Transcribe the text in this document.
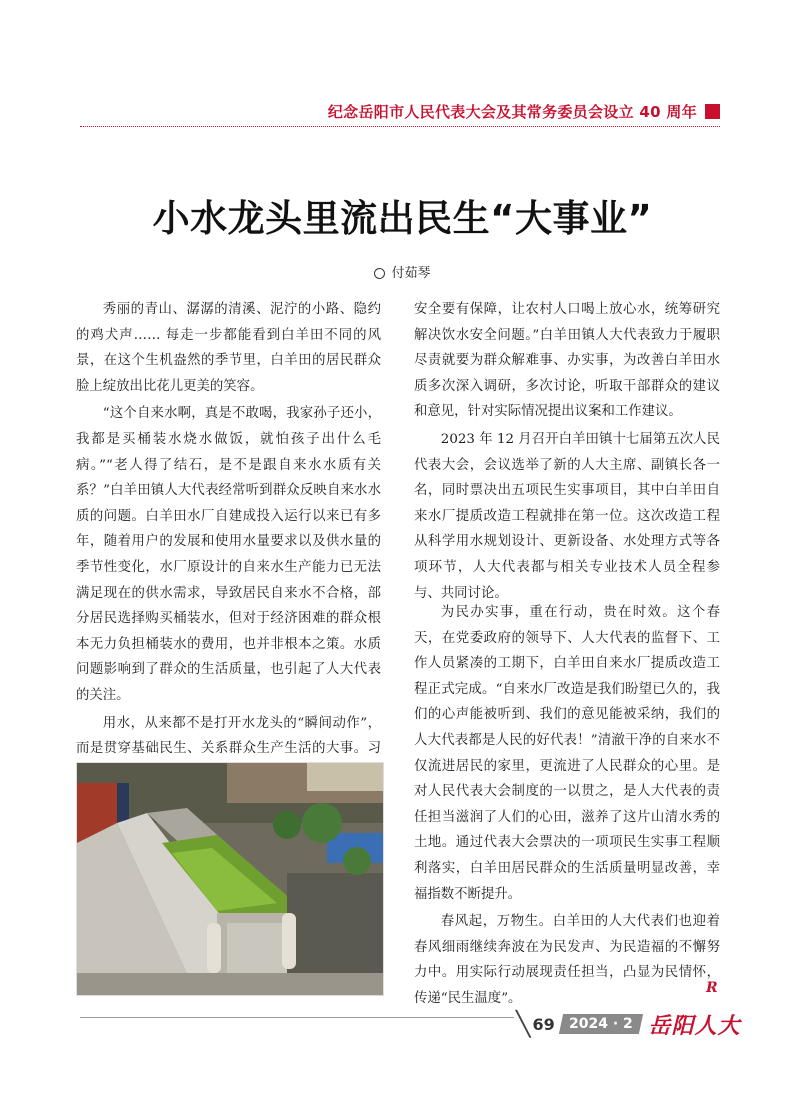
纪念岳阳市人民代表大会及其常务委员会设立 40 周年
小水龙头里流出民生“大事业”
付茹琴

秀丽的青山、潺潺的清溪、泥泞的小路、隐约的鸡犬声…… 每走一步都能看到白羊田不同的风景，在这个生机盎然的季节里，白羊田的居民群众脸上绽放出比花儿更美的笑容。

“这个自来水啊，真是不敢喝，我家孙子还小，我都是买桶装水烧水做饭，就怕孩子出什么毛病。”“老人得了结石，是不是跟自来水水质有关系？”白羊田镇人大代表经常听到群众反映自来水水质的问题。白羊田水厂自建成投入运行以来已有多年，随着用户的发展和使用水量要求以及供水量的季节性变化，水厂原设计的自来水生产能力已无法满足现在的供水需求，导致居民自来水不合格，部分居民选择购买桶装水，但对于经济困难的群众根本无力负担桶装水的费用，也并非根本之策。水质问题影响到了群众的生活质量，也引起了人大代表的关注。

用水，从来都不是打开水龙头的“瞬间动作”，而是贯穿基础民生、关系群众生产生活的大事。习

安全要有保障，让农村人口喝上放心水，统筹研究解决饮水安全问题。”白羊田镇人大代表致力于履职尽责就要为群众解难事、办实事，为改善白羊田水质多次深入调研，多次讨论，听取干部群众的建议和意见，针对实际情况提出议案和工作建议。

2023 年 12 月召开白羊田镇十七届第五次人民代表大会，会议选举了新的人大主席、副镇长各一名，同时票决出五项民生实事项目，其中白羊田自来水厂提质改造工程就排在第一位。这次改造工程从科学用水规划设计、更新设备、水处理方式等各项环节，人大代表都与相关专业技术人员全程参与、共同讨论。

为民办实事，重在行动，贵在时效。这个春天，在党委政府的领导下、人大代表的监督下、工作人员紧凑的工期下，白羊田自来水厂提质改造工程正式完成。“自来水厂改造是我们盼望已久的，我们的心声能被听到、我们的意见能被采纳，我们的人大代表都是人民的好代表！”清澈干净的自来水不仅流进居民的家里，更流进了人民群众的心里。是对人民代表大会制度的一以贯之，是人大代表的责任担当滋润了人们的心田，滋养了这片山清水秀的土地。通过代表大会票决的一项项民生实事工程顺利落实，白羊田居民群众的生活质量明显改善，幸福指数不断提升。

春风起，万物生。白羊田的人大代表们也迎着春风细雨继续奔波在为民发声、为民造福的不懈努力中。用实际行动展现责任担当，凸显为民情怀，传递“民生温度”。

R
╲ 69	2024 · 2 岳阳人大
